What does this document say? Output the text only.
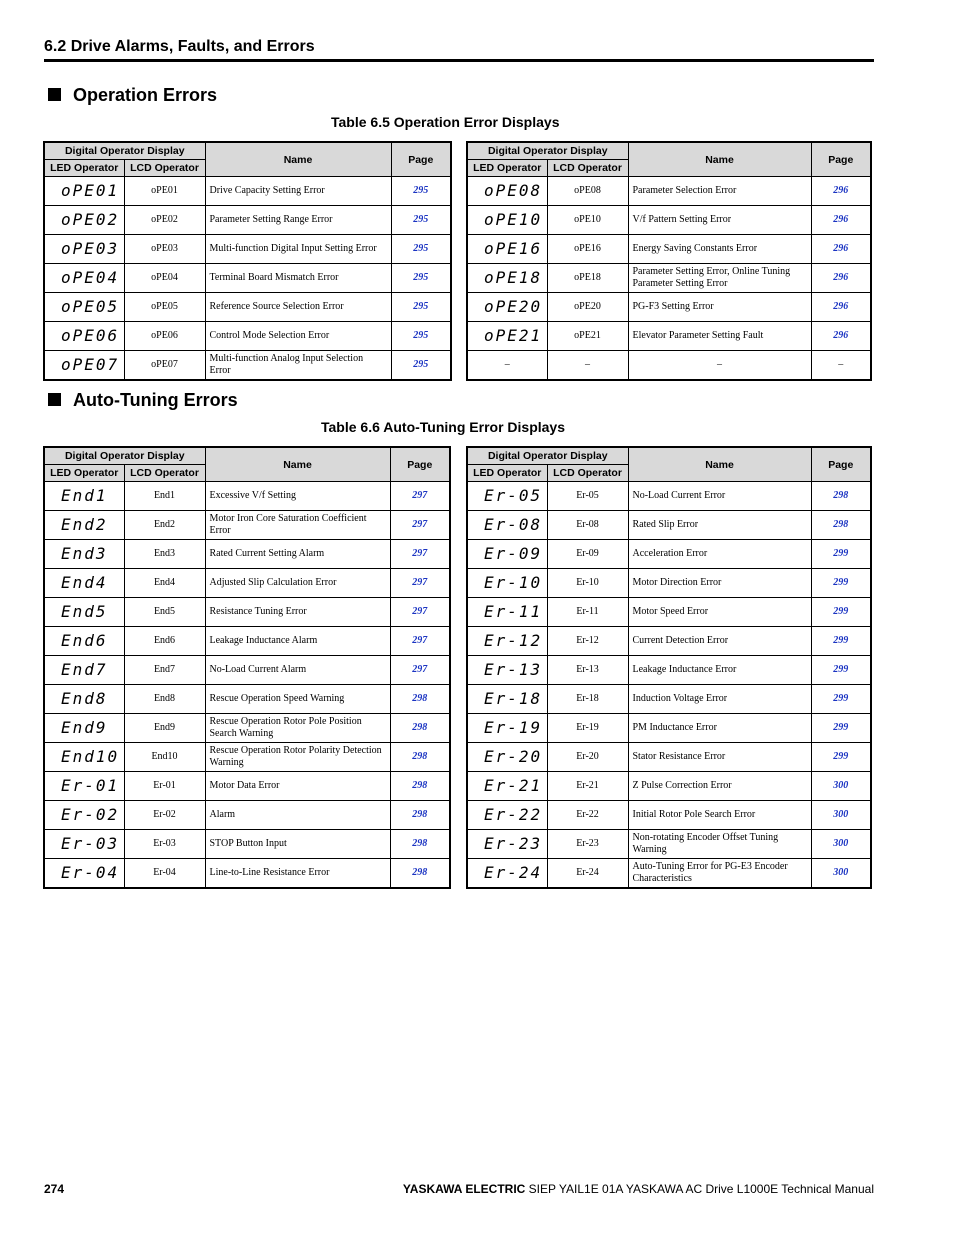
6.2 Drive Alarms, Faults, and Errors
Operation Errors
Table 6.5 Operation Error Displays
Digital Operator Display		Name	Page
LED Operator	LCD Operator		
oPE01	oPE01	Drive Capacity Setting Error	295
oPE02	oPE02	Parameter Setting Range Error	295
oPE03	oPE03	Multi-function Digital Input Setting Error	295
oPE04	oPE04	Terminal Board Mismatch Error	295
oPE05	oPE05	Reference Source Selection Error	295
oPE06	oPE06	Control Mode Selection Error	295
oPE07	oPE07	Multi-function Analog Input Selection Error	295
Digital Operator Display		Name	Page
LED Operator	LCD Operator		
oPE08	oPE08	Parameter Selection Error	296
oPE10	oPE10	V/f Pattern Setting Error	296
oPE16	oPE16	Energy Saving Constants Error	296
oPE18	oPE18	Parameter Setting Error, Online Tuning Parameter Setting Error	296
oPE20	oPE20	PG-F3 Setting Error	296
oPE21	oPE21	Elevator Parameter Setting Fault	296
–	–	–	–
Auto-Tuning Errors
Table 6.6 Auto-Tuning Error Displays
Digital Operator Display		Name	Page
LED Operator	LCD Operator		
End1	End1	Excessive V/f Setting	297
End2	End2	Motor Iron Core Saturation Coefficient Error	297
End3	End3	Rated Current Setting Alarm	297
End4	End4	Adjusted Slip Calculation Error	297
End5	End5	Resistance Tuning Error	297
End6	End6	Leakage Inductance Alarm	297
End7	End7	No-Load Current Alarm	297
End8	End8	Rescue Operation Speed Warning	298
End9	End9	Rescue Operation Rotor Pole Position Search Warning	298
End10	End10	Rescue Operation Rotor Polarity Detection Warning	298
Er-01	Er-01	Motor Data Error	298
Er-02	Er-02	Alarm	298
Er-03	Er-03	STOP Button Input	298
Er-04	Er-04	Line-to-Line Resistance Error	298
Digital Operator Display		Name	Page
LED Operator	LCD Operator		
Er-05	Er-05	No-Load Current Error	298
Er-08	Er-08	Rated Slip Error	298
Er-09	Er-09	Acceleration Error	299
Er-10	Er-10	Motor Direction Error	299
Er-11	Er-11	Motor Speed Error	299
Er-12	Er-12	Current Detection Error	299
Er-13	Er-13	Leakage Inductance Error	299
Er-18	Er-18	Induction Voltage Error	299
Er-19	Er-19	PM Inductance Error	299
Er-20	Er-20	Stator Resistance Error	299
Er-21	Er-21	Z Pulse Correction Error	300
Er-22	Er-22	Initial Rotor Pole Search Error	300
Er-23	Er-23	Non-rotating Encoder Offset Tuning Warning	300
Er-24	Er-24	Auto-Tuning Error for PG-E3 Encoder Characteristics	300
274	YASKAWA ELECTRIC SIEP YAIL1E 01A YASKAWA AC Drive L1000E Technical Manual
